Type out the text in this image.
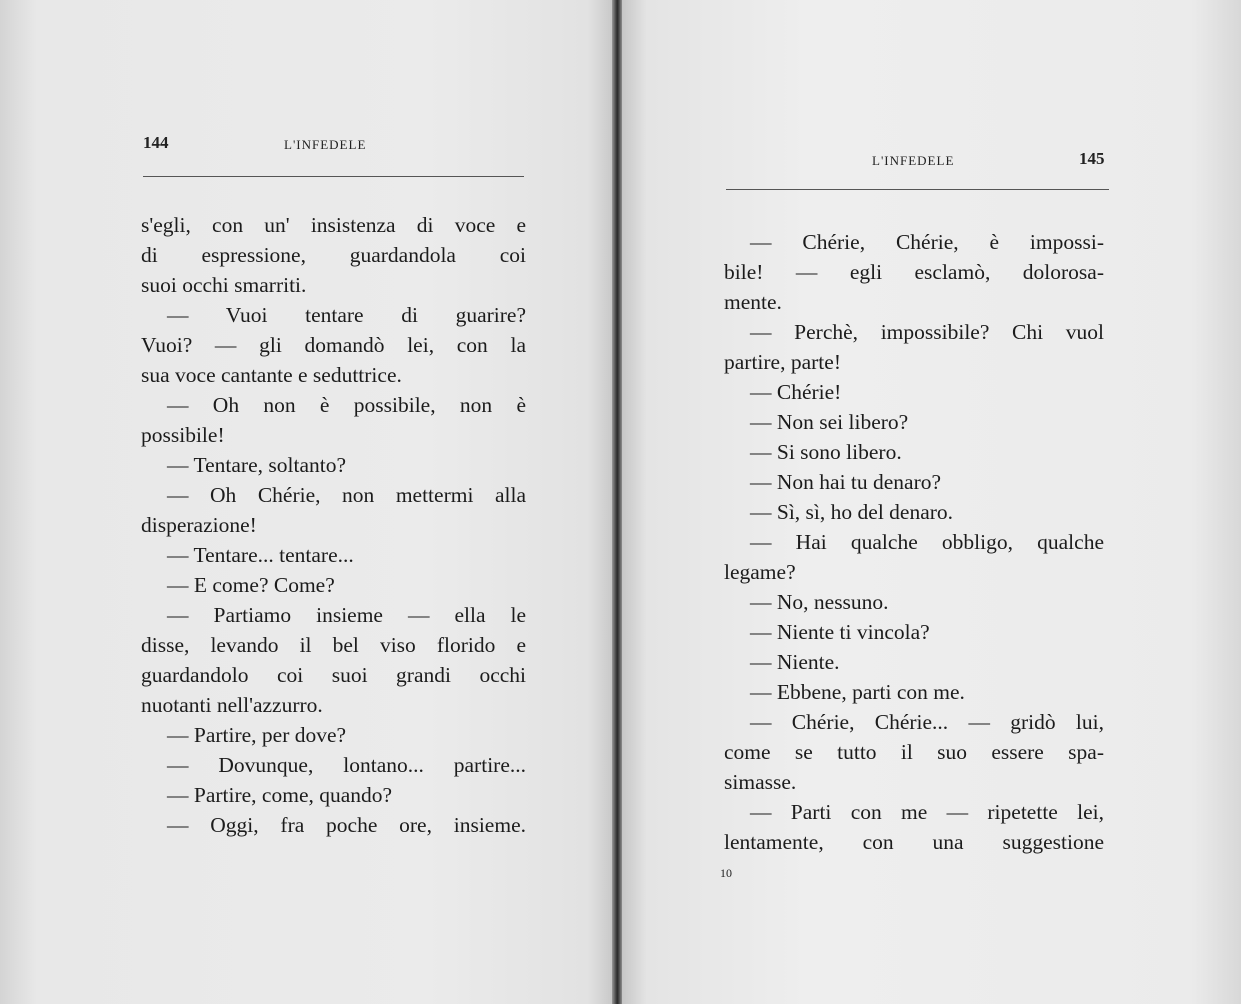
144	L'INFEDELE
s'egli, con un' insistenza di voce e
di espressione, guardandola coi
suoi occhi smarriti.
— Vuoi tentare di guarire?
Vuoi? — gli domandò lei, con la
sua voce cantante e seduttrice.
— Oh non è possibile, non è
possibile!
— Tentare, soltanto?
— Oh Chérie, non mettermi alla
disperazione!
— Tentare... tentare...
— E come? Come?
— Partiamo insieme — ella le
disse, levando il bel viso florido e
guardandolo coi suoi grandi occhi
nuotanti nell'azzurro.
— Partire, per dove?
— Dovunque, lontano... partire...
— Partire, come, quando?
— Oggi, fra poche ore, insieme.
L'INFEDELE	145
— Chérie, Chérie, è impossi-
bile! — egli esclamò, dolorosa-
mente.
— Perchè, impossibile? Chi vuol
partire, parte!
— Chérie!
— Non sei libero?
— Si sono libero.
— Non hai tu denaro?
— Sì, sì, ho del denaro.
— Hai qualche obbligo, qualche
legame?
— No, nessuno.
— Niente ti vincola?
— Niente.
— Ebbene, parti con me.
— Chérie, Chérie... — gridò lui,
come se tutto il suo essere spa-
simasse.
— Parti con me — ripetette lei,
lentamente, con una suggestione
10
